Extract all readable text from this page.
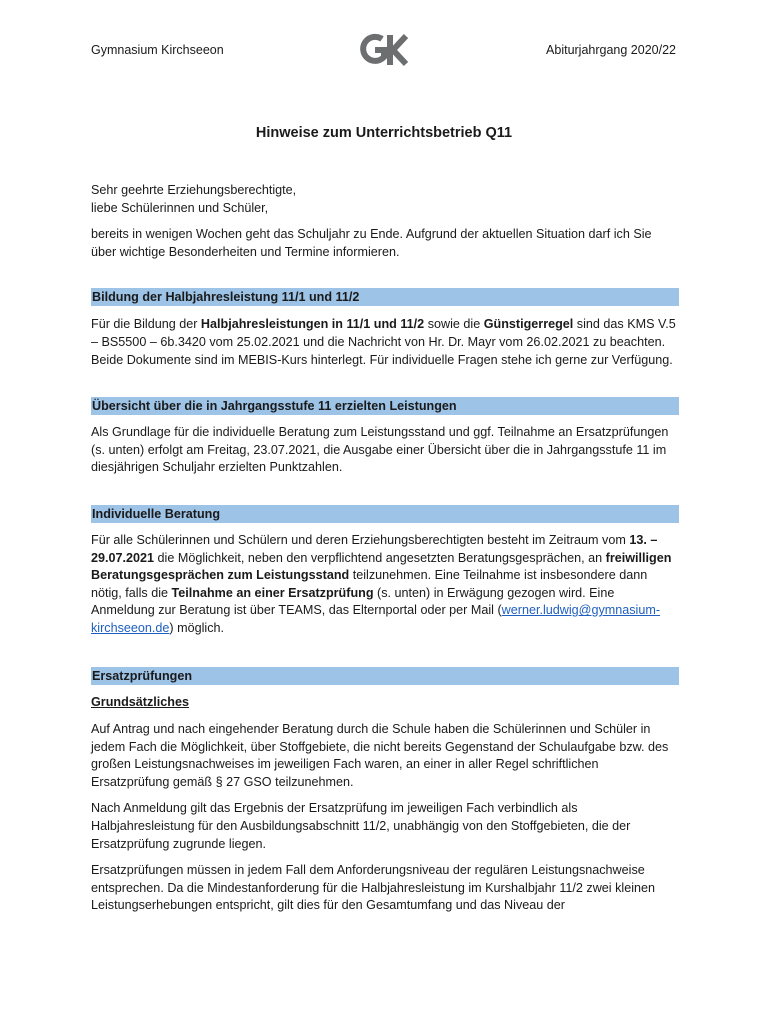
Gymnasium Kirchseeon	Abiturjahrgang 2020/22
Hinweise zum Unterrichtsbetrieb Q11

Sehr geehrte Erziehungsberechtigte,

liebe Schülerinnen und Schüler,

bereits in wenigen Wochen geht das Schuljahr zu Ende. Aufgrund der aktuellen Situation darf ich Sie über wichtige Besonderheiten und Termine informieren.

Bildung der Halbjahresleistung 11/1 und 11/2

Für die Bildung der Halbjahresleistungen in 11/1 und 11/2 sowie die Günstigerregel sind das KMS V.5 – BS5500 – 6b.3420 vom 25.02.2021 und die Nachricht von Hr. Dr. Mayr vom 26.02.2021 zu beachten. Beide Dokumente sind im MEBIS-Kurs hinterlegt. Für individuelle Fragen stehe ich gerne zur Verfügung.

Übersicht über die in Jahrgangsstufe 11 erzielten Leistungen

Als Grundlage für die individuelle Beratung zum Leistungsstand und ggf. Teilnahme an Ersatzprüfungen (s. unten) erfolgt am Freitag, 23.07.2021, die Ausgabe einer Übersicht über die in Jahrgangsstufe 11 im diesjährigen Schuljahr erzielten Punktzahlen.

Individuelle Beratung

Für alle Schülerinnen und Schülern und deren Erziehungsberechtigten besteht im Zeitraum vom 13. – 29.07.2021 die Möglichkeit, neben den verpflichtend angesetzten Beratungsgesprächen, an freiwilligen Beratungsgesprächen zum Leistungsstand teilzunehmen. Eine Teilnahme ist insbesondere dann nötig, falls die Teilnahme an einer Ersatzprüfung (s. unten) in Erwägung gezogen wird. Eine Anmeldung zur Beratung ist über TEAMS, das Elternportal oder per Mail (werner.ludwig@gymnasium-kirchseeon.de) möglich.

Ersatzprüfungen

Grundsätzliches

Auf Antrag und nach eingehender Beratung durch die Schule haben die Schülerinnen und Schüler in jedem Fach die Möglichkeit, über Stoffgebiete, die nicht bereits Gegenstand der Schulaufgabe bzw. des großen Leistungsnachweises im jeweiligen Fach waren, an einer in aller Regel schriftlichen Ersatzprüfung gemäß § 27 GSO teilzunehmen.

Nach Anmeldung gilt das Ergebnis der Ersatzprüfung im jeweiligen Fach verbindlich als Halbjahresleistung für den Ausbildungsabschnitt 11/2, unabhängig von den Stoffgebieten, die der Ersatzprüfung zugrunde liegen.

Ersatzprüfungen müssen in jedem Fall dem Anforderungsniveau der regulären Leistungsnachweise entsprechen. Da die Mindestanforderung für die Halbjahresleistung im Kurshalbjahr 11/2 zwei kleinen Leistungserhebungen entspricht, gilt dies für den Gesamtumfang und das Niveau der
